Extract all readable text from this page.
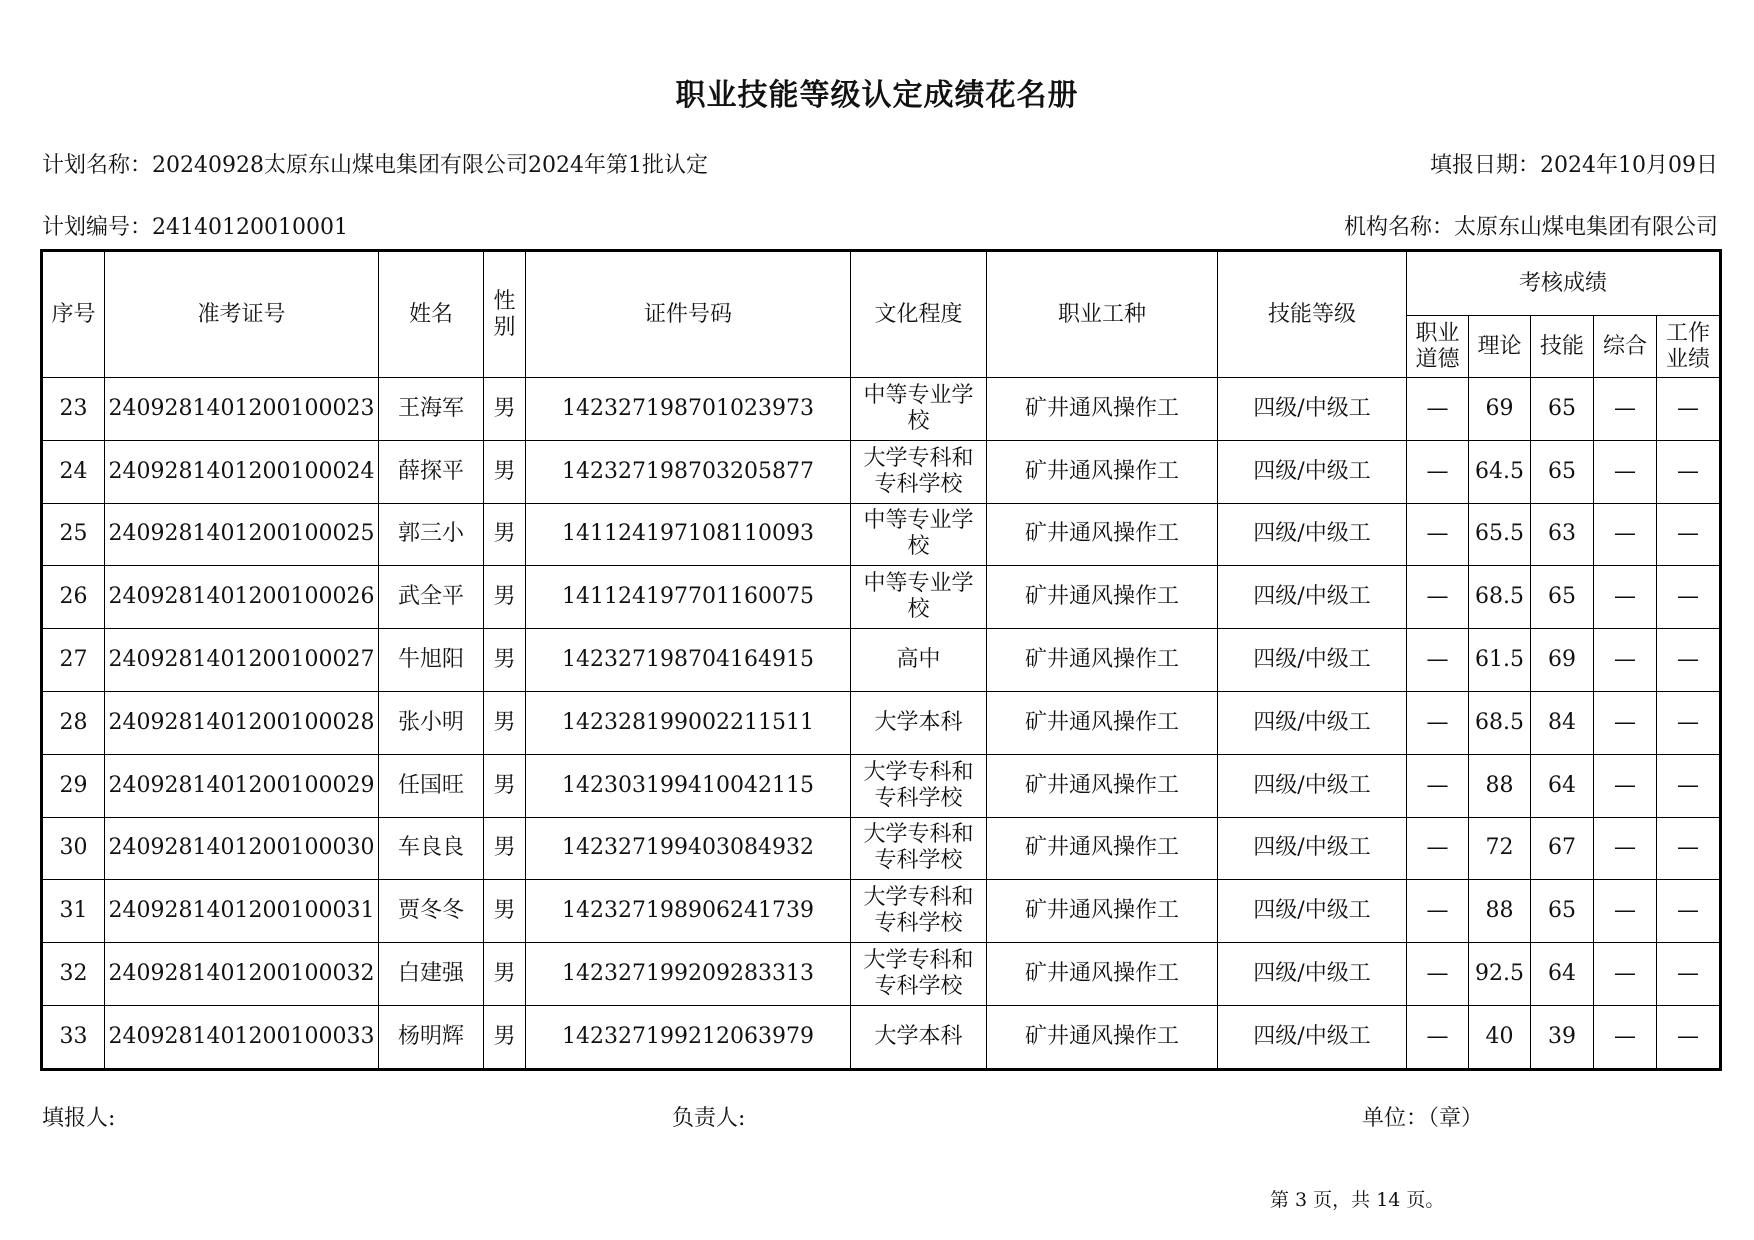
职业技能等级认定成绩花名册
计划名称：20240928太原东山煤电集团有限公司2024年第1批认定	填报日期：2024年10月09日
计划编号：24140120010001	机构名称：太原东山煤电集团有限公司
序号	准考证号	姓名	性别	证件号码	文化程度	职业工种	技能等级	考核成绩				
								职业道德	理论	技能	综合	工作业绩
23	2409281401200100023	王海军	男	142327198701023973	中等专业学校	矿井通风操作工	四级/中级工	—	69	65	—	—
24	2409281401200100024	薛探平	男	142327198703205877	大学专科和专科学校	矿井通风操作工	四级/中级工	—	64.5	65	—	—
25	2409281401200100025	郭三小	男	141124197108110093	中等专业学校	矿井通风操作工	四级/中级工	—	65.5	63	—	—
26	2409281401200100026	武全平	男	141124197701160075	中等专业学校	矿井通风操作工	四级/中级工	—	68.5	65	—	—
27	2409281401200100027	牛旭阳	男	142327198704164915	高中	矿井通风操作工	四级/中级工	—	61.5	69	—	—
28	2409281401200100028	张小明	男	142328199002211511	大学本科	矿井通风操作工	四级/中级工	—	68.5	84	—	—
29	2409281401200100029	任国旺	男	142303199410042115	大学专科和专科学校	矿井通风操作工	四级/中级工	—	88	64	—	—
30	2409281401200100030	车良良	男	142327199403084932	大学专科和专科学校	矿井通风操作工	四级/中级工	—	72	67	—	—
31	2409281401200100031	贾冬冬	男	142327198906241739	大学专科和专科学校	矿井通风操作工	四级/中级工	—	88	65	—	—
32	2409281401200100032	白建强	男	142327199209283313	大学专科和专科学校	矿井通风操作工	四级/中级工	—	92.5	64	—	—
33	2409281401200100033	杨明辉	男	142327199212063979	大学本科	矿井通风操作工	四级/中级工	—	40	39	—	—
填报人:	负责人:	单位：（章）
第 3 页，共 14 页。
